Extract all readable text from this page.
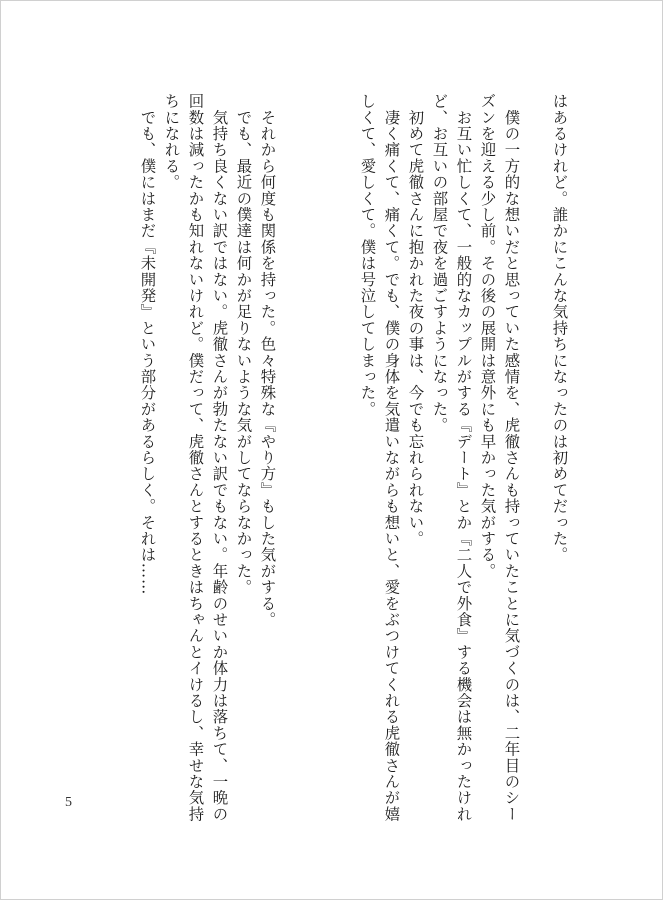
はあるけれど。誰かにこんな気持ちになったのは初めてだった。
　僕の一方的な想いだと思っていた感情を、虎徹さんも持っていたことに気づくのは、二年目のシー
ズンを迎える少し前。その後の展開は意外にも早かった気がする。
　お互い忙しくて、一般的なカップルがする『デート』とか『二人で外食』する機会は無かったけれ
ど、お互いの部屋で夜を過ごすようになった。
　初めて虎徹さんに抱かれた夜の事は、今でも忘れられない。
　凄く痛くて、痛くて。でも、僕の身体を気遣いながらも想いと、愛をぶつけてくれる虎徹さんが嬉
しくて、愛しくて。僕は号泣してしまった。
　それから何度も関係を持った。色々特殊な『やり方』もした気がする。
　でも、最近の僕達は何かが足りないような気がしてならなかった。
　気持ち良くない訳ではない。虎徹さんが勃たない訳でもない。年齢のせいか体力は落ちて、一晩の
回数は減ったかも知れないけれど。僕だって、虎徹さんとするときはちゃんとイけるし、幸せな気持
ちになれる。
　でも、僕にはまだ『未開発』という部分があるらしく。それは……
5
